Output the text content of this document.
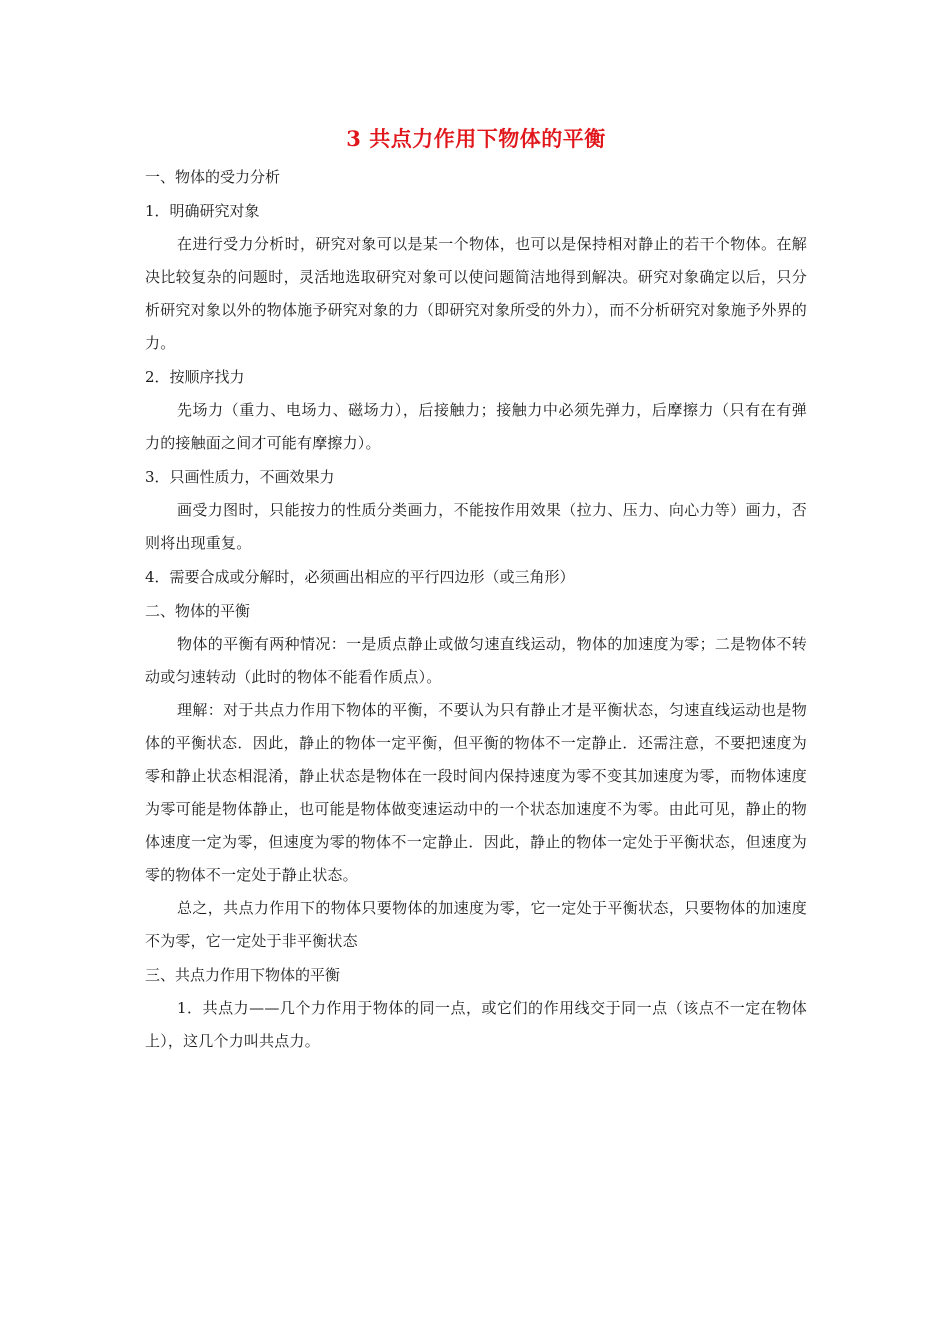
3 共点力作用下物体的平衡

一、物体的受力分析

1．明确研究对象

在进行受力分析时，研究对象可以是某一个物体，也可以是保持相对静止的若干个物体。在解决比较复杂的问题时，灵活地选取研究对象可以使问题简洁地得到解决。研究对象确定以后，只分析研究对象以外的物体施予研究对象的力（即研究对象所受的外力），而不分析研究对象施予外界的力。

2．按顺序找力

先场力（重力、电场力、磁场力），后接触力；接触力中必须先弹力，后摩擦力（只有在有弹力的接触面之间才可能有摩擦力）。

3．只画性质力，不画效果力

画受力图时，只能按力的性质分类画力，不能按作用效果（拉力、压力、向心力等）画力，否则将出现重复。

4．需要合成或分解时，必须画出相应的平行四边形（或三角形）

二、物体的平衡

物体的平衡有两种情况：一是质点静止或做匀速直线运动，物体的加速度为零；二是物体不转动或匀速转动（此时的物体不能看作质点）。

理解：对于共点力作用下物体的平衡，不要认为只有静止才是平衡状态，匀速直线运动也是物体的平衡状态．因此，静止的物体一定平衡，但平衡的物体不一定静止．还需注意，不要把速度为零和静止状态相混淆，静止状态是物体在一段时间内保持速度为零不变其加速度为零，而物体速度为零可能是物体静止，也可能是物体做变速运动中的一个状态加速度不为零。由此可见，静止的物体速度一定为零，但速度为零的物体不一定静止．因此，静止的物体一定处于平衡状态，但速度为零的物体不一定处于静止状态。

总之，共点力作用下的物体只要物体的加速度为零，它一定处于平衡状态，只要物体的加速度不为零，它一定处于非平衡状态

三、共点力作用下物体的平衡

1．共点力——几个力作用于物体的同一点，或它们的作用线交于同一点（该点不一定在物体上），这几个力叫共点力。
